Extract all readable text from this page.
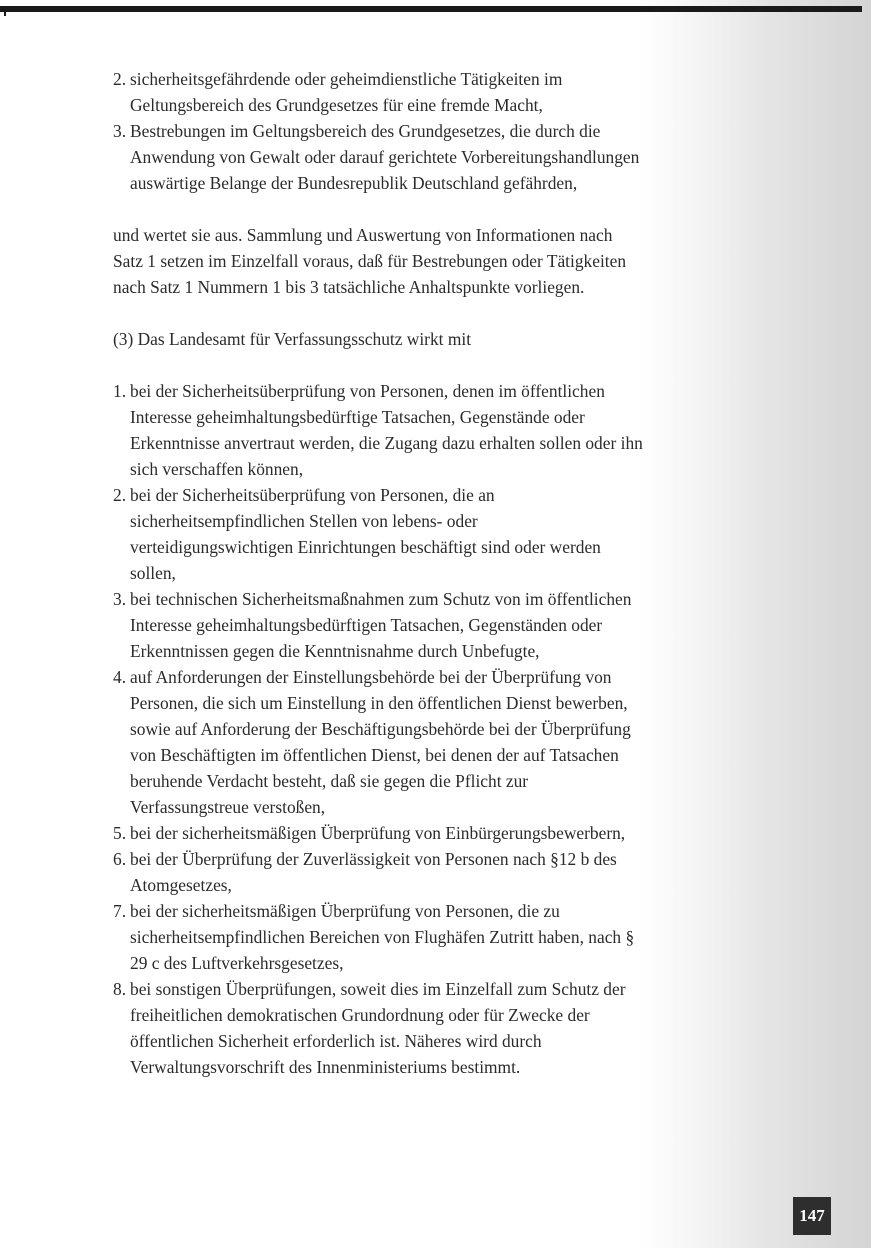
2. sicherheitsgefährdende oder geheimdienstliche Tätigkeiten im Geltungsbereich des Grundgesetzes für eine fremde Macht,
3. Bestrebungen im Geltungsbereich des Grundgesetzes, die durch die Anwendung von Gewalt oder darauf gerichtete Vorbereitungshandlungen auswärtige Belange der Bundesrepublik Deutschland gefährden,

und wertet sie aus. Sammlung und Auswertung von Informationen nach Satz 1 setzen im Einzelfall voraus, daß für Bestrebungen oder Tätigkeiten nach Satz 1 Nummern 1 bis 3 tatsächliche Anhaltspunkte vorliegen.

(3) Das Landesamt für Verfassungsschutz wirkt mit

1. bei der Sicherheitsüberprüfung von Personen, denen im öffentlichen Interesse geheimhaltungsbedürftige Tatsachen, Gegenstände oder Erkenntnisse anvertraut werden, die Zugang dazu erhalten sollen oder ihn sich verschaffen können,
2. bei der Sicherheitsüberprüfung von Personen, die an sicherheitsempfindlichen Stellen von lebens- oder verteidigungswichtigen Einrichtungen beschäftigt sind oder werden sollen,
3. bei technischen Sicherheitsmaßnahmen zum Schutz von im öffentlichen Interesse geheimhaltungsbedürftigen Tatsachen, Gegenständen oder Erkenntnissen gegen die Kenntnisnahme durch Unbefugte,
4. auf Anforderungen der Einstellungsbehörde bei der Überprüfung von Personen, die sich um Einstellung in den öffentlichen Dienst bewerben, sowie auf Anforderung der Beschäftigungsbehörde bei der Überprüfung von Beschäftigten im öffentlichen Dienst, bei denen der auf Tatsachen beruhende Verdacht besteht, daß sie gegen die Pflicht zur Verfassungstreue verstoßen,
5. bei der sicherheitsmäßigen Überprüfung von Einbürgerungsbewerbern,
6. bei der Überprüfung der Zuverlässigkeit von Personen nach §12 b des Atomgesetzes,
7. bei der sicherheitsmäßigen Überprüfung von Personen, die zu sicherheitsempfindlichen Bereichen von Flughäfen Zutritt haben, nach § 29 c des Luftverkehrsgesetzes,
8. bei sonstigen Überprüfungen, soweit dies im Einzelfall zum Schutz der freiheitlichen demokratischen Grundordnung oder für Zwecke der öffentlichen Sicherheit erforderlich ist. Näheres wird durch Verwaltungsvorschrift des Innenministeriums bestimmt.
147
